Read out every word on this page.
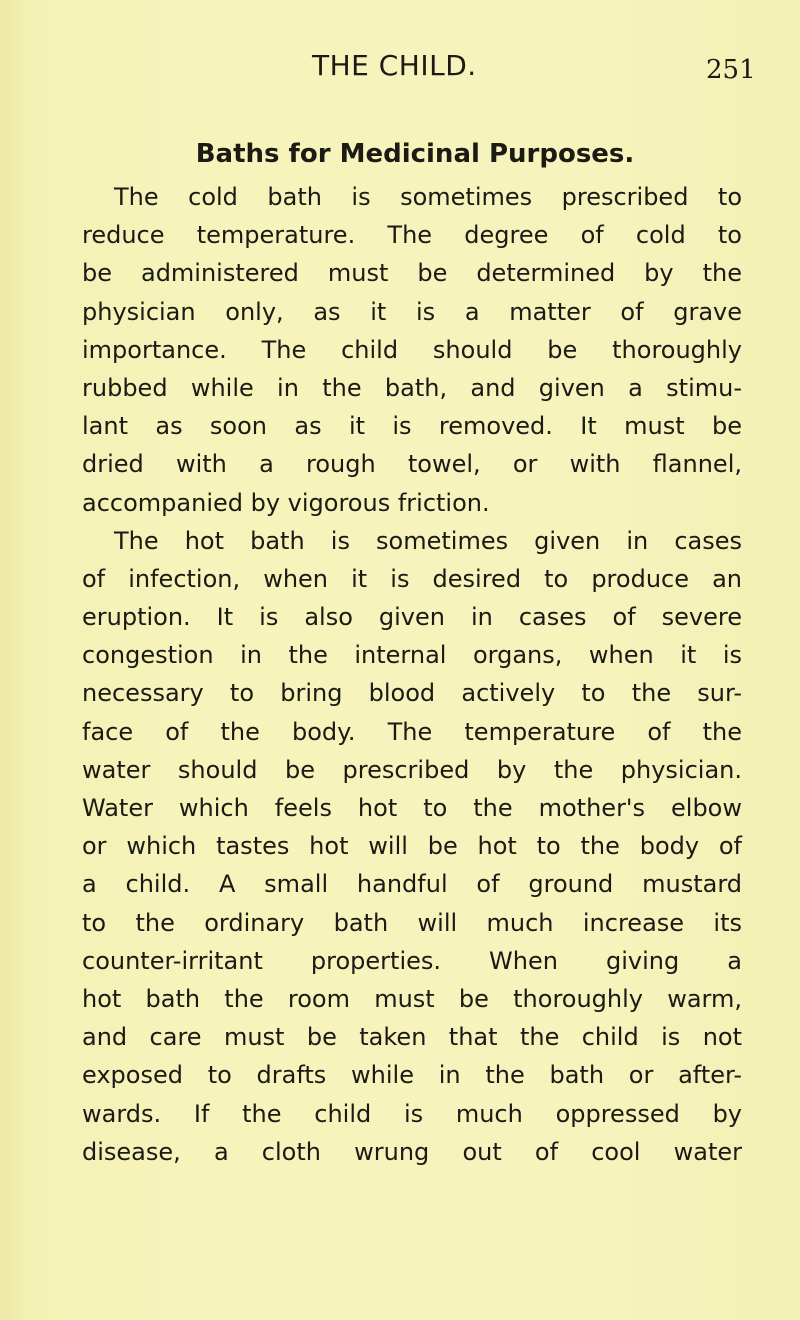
THE CHILD.	251
Baths for Medicinal Purposes.
The cold bath is sometimes prescribed to
reduce temperature. The degree of cold to
be administered must be determined by the
physician only, as it is a matter of grave
importance. The child should be thoroughly
rubbed while in the bath, and given a stimu-
lant as soon as it is removed. It must be
dried with a rough towel, or with flannel,
accompanied by vigorous friction.
The hot bath is sometimes given in cases
of infection, when it is desired to produce an
eruption. It is also given in cases of severe
congestion in the internal organs, when it is
necessary to bring blood actively to the sur-
face of the body. The temperature of the
water should be prescribed by the physician.
Water which feels hot to the mother's elbow
or which tastes hot will be hot to the body of
a child. A small handful of ground mustard
to the ordinary bath will much increase its
counter-irritant properties. When giving a
hot bath the room must be thoroughly warm,
and care must be taken that the child is not
exposed to drafts while in the bath or after-
wards. If the child is much oppressed by
disease, a cloth wrung out of cool water
